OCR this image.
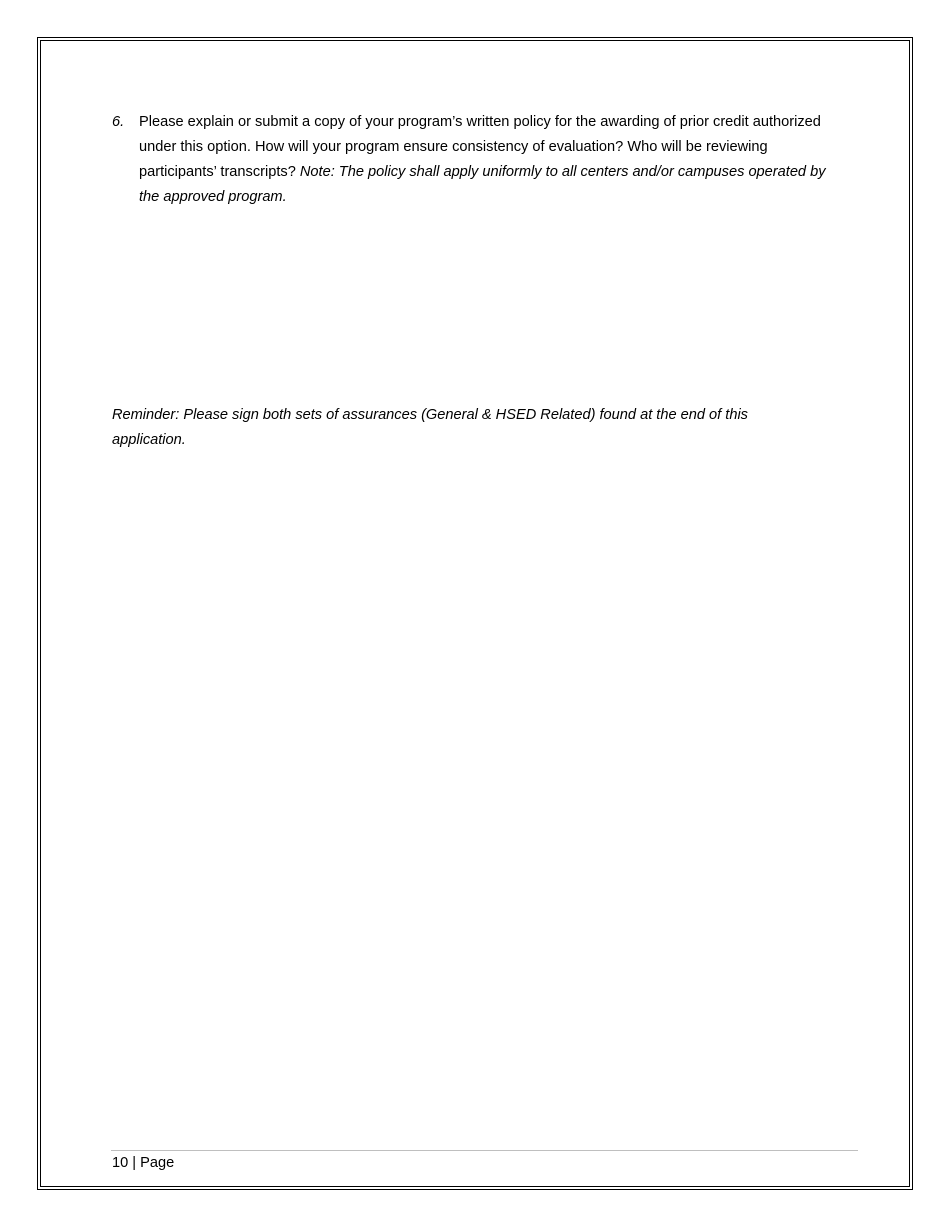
6. Please explain or submit a copy of your program’s written policy for the awarding of prior credit authorized under this option. How will your program ensure consistency of evaluation? Who will be reviewing participants’ transcripts? Note: The policy shall apply uniformly to all centers and/or campuses operated by the approved program.
Reminder: Please sign both sets of assurances (General & HSED Related) found at the end of this application.
10 | Page
